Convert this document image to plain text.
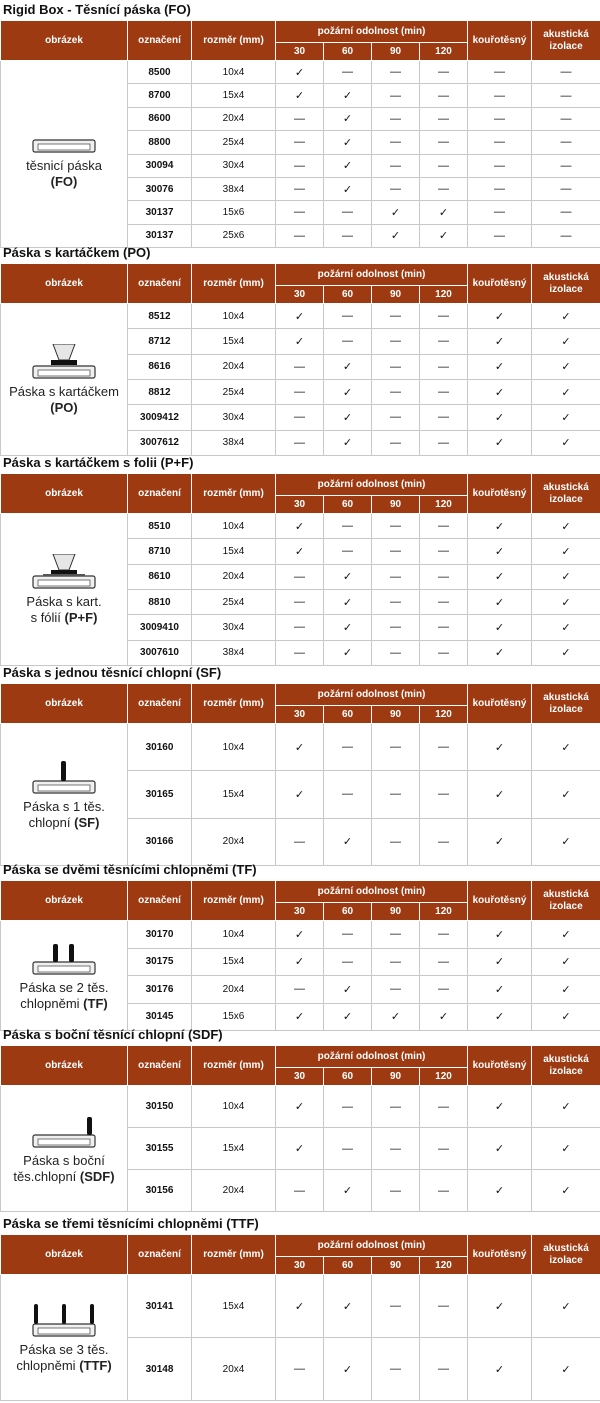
Rigid Box - Těsnící páska (FO)
obrázek	označení	rozměr (mm)	požární odolnost (min)				kouřotěsný	akustická
izolace
			30	60	90	120		

těsnicí páska
(FO)	8500	10x4	✓	—	—	—	—	—
	8700	15x4	✓	✓	—	—	—	—
	8600	20x4	—	✓	—	—	—	—
	8800	25x4	—	✓	—	—	—	—
	30094	30x4	—	✓	—	—	—	—
	30076	38x4	—	✓	—	—	—	—
	30137	15x6	—	—	✓	✓	—	—
	30137	25x6	—	—	✓	✓	—	—
Páska s kartáčkem (PO)
obrázek	označení	rozměr (mm)	požární odolnost (min)				kouřotěsný	akustická
izolace
			30	60	90	120		

Páska s kartáčkem
(PO)	8512	10x4	✓	—	—	—	✓	✓
	8712	15x4	✓	—	—	—	✓	✓
	8616	20x4	—	✓	—	—	✓	✓
	8812	25x4	—	✓	—	—	✓	✓
	3009412	30x4	—	✓	—	—	✓	✓
	3007612	38x4	—	✓	—	—	✓	✓
Páska s kartáčkem s folii (P+F)
obrázek	označení	rozměr (mm)	požární odolnost (min)				kouřotěsný	akustická
izolace
			30	60	90	120		

Páska s kart.
s fólií (P+F)	8510	10x4	✓	—	—	—	✓	✓
	8710	15x4	✓	—	—	—	✓	✓
	8610	20x4	—	✓	—	—	✓	✓
	8810	25x4	—	✓	—	—	✓	✓
	3009410	30x4	—	✓	—	—	✓	✓
	3007610	38x4	—	✓	—	—	✓	✓
Páska s jednou těsnící chlopní (SF)
obrázek	označení	rozměr (mm)	požární odolnost (min)				kouřotěsný	akustická
izolace
			30	60	90	120		

Páska s 1 těs.
chlopní (SF)	30160	10x4	✓	—	—	—	✓	✓
	30165	15x4	✓	—	—	—	✓	✓
	30166	20x4	—	✓	—	—	✓	✓
Páska se dvěmi těsnícími chlopněmi (TF)
obrázek	označení	rozměr (mm)	požární odolnost (min)				kouřotěsný	akustická
izolace
			30	60	90	120		

Páska se 2 těs.
chlopněmi (TF)	30170	10x4	✓	—	—	—	✓	✓
	30175	15x4	✓	—	—	—	✓	✓
	30176	20x4	—	✓	—	—	✓	✓
	30145	15x6	✓	✓	✓	✓	✓	✓
Páska s boční těsnící chlopní (SDF)
obrázek	označení	rozměr (mm)	požární odolnost (min)				kouřotěsný	akustická
izolace
			30	60	90	120		

Páska s boční
těs.chlopní (SDF)	30150	10x4	✓	—	—	—	✓	✓
	30155	15x4	✓	—	—	—	✓	✓
	30156	20x4	—	✓	—	—	✓	✓
Páska se třemi těsnícími chlopněmi (TTF)
obrázek	označení	rozměr (mm)	požární odolnost (min)				kouřotěsný	akustická
izolace
			30	60	90	120		

Páska se 3 těs.
chlopněmi (TTF)	30141	15x4	✓	✓	—	—	✓	✓
	30148	20x4	—	✓	—	—	✓	✓
